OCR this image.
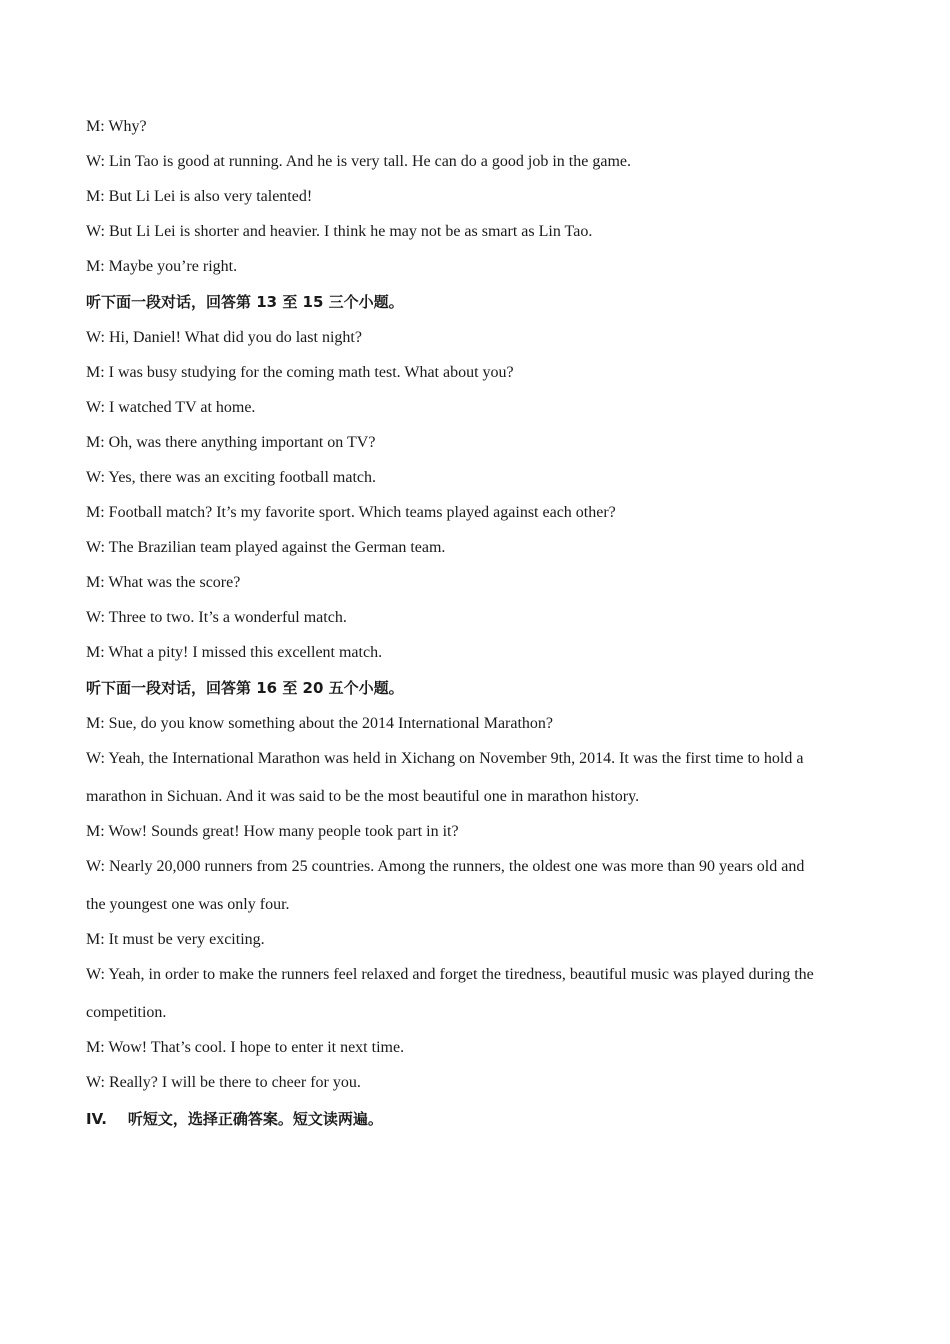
M: Why?
W: Lin Tao is good at running. And he is very tall. He can do a good job in the game.
M: But Li Lei is also very talented!
W: But Li Lei is shorter and heavier. I think he may not be as smart as Lin Tao.
M: Maybe you’re right.
听下面一段对话，回答第 13 至 15 三个小题。
W: Hi, Daniel! What did you do last night?
M: I was busy studying for the coming math test. What about you?
W: I watched TV at home.
M: Oh, was there anything important on TV?
W: Yes, there was an exciting football match.
M: Football match? It’s my favorite sport. Which teams played against each other?
W: The Brazilian team played against the German team.
M: What was the score?
W: Three to two. It’s a wonderful match.
M: What a pity! I missed this excellent match.
听下面一段对话，回答第 16 至 20 五个小题。
M: Sue, do you know something about the 2014 International Marathon?
W: Yeah, the International Marathon was held in Xichang on November 9th, 2014. It was the first time to hold a
marathon in Sichuan. And it was said to be the most beautiful one in marathon history.
M: Wow! Sounds great! How many people took part in it?
W: Nearly 20,000 runners from 25 countries. Among the runners, the oldest one was more than 90 years old and
the youngest one was only four.
M: It must be very exciting.
W: Yeah, in order to make the runners feel relaxed and forget the tiredness, beautiful music was played during the
competition.
M: Wow! That’s cool. I hope to enter it next time.
W: Really? I will be there to cheer for you.
IV.    听短文，选择正确答案。短文读两遍。
